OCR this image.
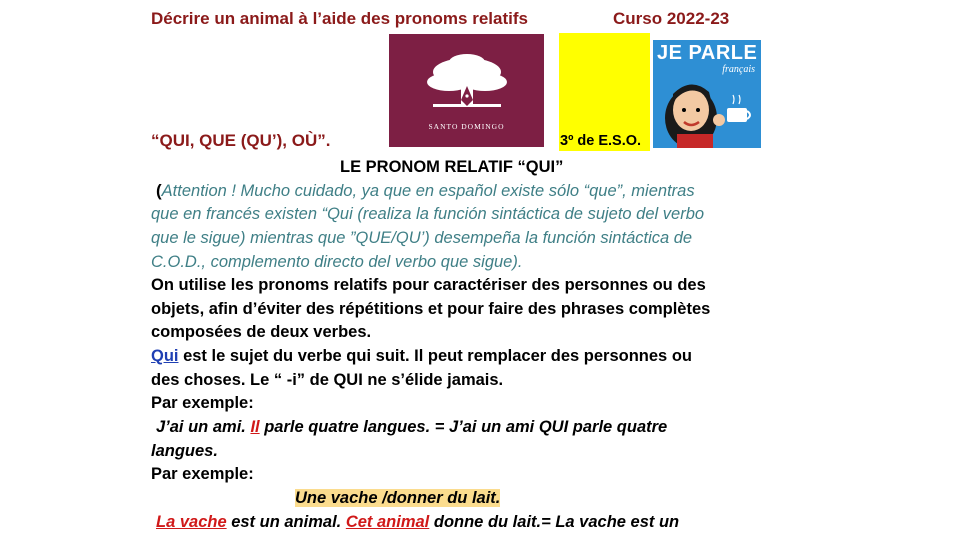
Décrire un animal à l’aide des pronoms relatifs	Curso 2022-23
“QUI, QUE (QU’), OÙ”.
SANTO DOMINGO
3º de E.S.O.
JE PARLE
français
LE PRONOM RELATIF “QUI”
(Attention ! Mucho cuidado, ya que en español existe sólo “que”, mientras
que en francés existen “Qui (realiza la función sintáctica de sujeto del verbo
que le sigue) mientras que ”QUE/QU’) desempeña la función sintáctica de
C.O.D., complemento directo del verbo que sigue).
On utilise les pronoms relatifs pour caractériser des personnes ou des
objets, afin d’éviter des répétitions et pour faire des phrases complètes
composées de deux verbes.
Qui est le sujet du verbe qui suit. Il peut remplacer des personnes ou
des choses. Le “ -i” de QUI ne s’élide jamais.
Par exemple:
J’ai un ami. Il parle quatre langues. = J’ai un ami QUI parle quatre
langues.
Par exemple:
Une vache /donner du lait.
La vache est un animal. Cet animal donne du lait.= La vache est un
